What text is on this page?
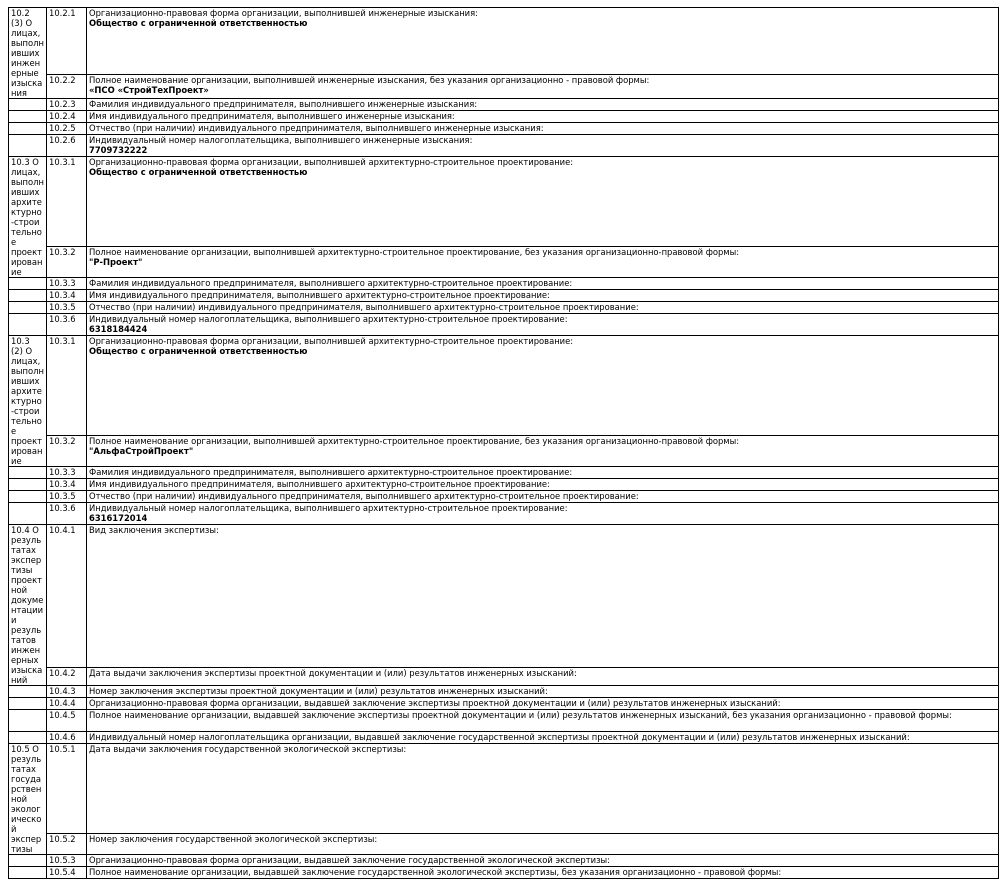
10.2 (3) О лицах, выполнивших инженерные изыскания	10.2.1	Организационно-правовая форма организации, выполнившей инженерные изыскания:
Общество с ограниченной ответственностью

	10.2.2	Полное наименование организации, выполнившей инженерные изыскания, без указания организационно - правовой формы:
«ПСО «СтройТехПроект»

	10.2.3	Фамилия индивидуального предпринимателя, выполнившего инженерные изыскания:
	10.2.4	Имя индивидуального предпринимателя, выполнившего инженерные изыскания:
	10.2.5	Отчество (при наличии) индивидуального предпринимателя, выполнившего инженерные изыскания:
	10.2.6	Индивидуальный номер налогоплательщика, выполнившего инженерные изыскания:
7709732222

10.3 О лицах, выполнивших архитектурно-строительное проектирование	10.3.1	Организационно-правовая форма организации, выполнившей архитектурно-строительное проектирование:
Общество с ограниченной ответственностью

	10.3.2	Полное наименование организации, выполнившей архитектурно-строительное проектирование, без указания организационно-правовой формы:
"Р-Проект"

	10.3.3	Фамилия индивидуального предпринимателя, выполнившего архитектурно-строительное проектирование:
	10.3.4	Имя индивидуального предпринимателя, выполнившего архитектурно-строительное проектирование:
	10.3.5	Отчество (при наличии) индивидуального предпринимателя, выполнившего архитектурно-строительное проектирование:
	10.3.6	Индивидуальный номер налогоплательщика, выполнившего архитектурно-строительное проектирование:
6318184424

10.3 (2) О лицах, выполнивших архитектурно-строительное проектирование	10.3.1	Организационно-правовая форма организации, выполнившей архитектурно-строительное проектирование:
Общество с ограниченной ответственностью

	10.3.2	Полное наименование организации, выполнившей архитектурно-строительное проектирование, без указания организационно-правовой формы:
"АльфаСтройПроект"

	10.3.3	Фамилия индивидуального предпринимателя, выполнившего архитектурно-строительное проектирование:
	10.3.4	Имя индивидуального предпринимателя, выполнившего архитектурно-строительное проектирование:
	10.3.5	Отчество (при наличии) индивидуального предпринимателя, выполнившего архитектурно-строительное проектирование:
	10.3.6	Индивидуальный номер налогоплательщика, выполнившего архитектурно-строительное проектирование:
6316172014

10.4 О результатах экспертизы проектной документации и результатов инженерных изысканий	10.4.1	Вид заключения экспертизы:
	10.4.2	Дата выдачи заключения экспертизы проектной документации и (или) результатов инженерных изысканий:
	10.4.3	Номер заключения экспертизы проектной документации и (или) результатов инженерных изысканий:
	10.4.4	Организационно-правовая форма организации, выдавшей заключение экспертизы проектной документации и (или) результатов инженерных изысканий:
	10.4.5	Полное наименование организации, выдавшей заключение экспертизы проектной документации и (или) результатов инженерных изысканий, без указания организационно - правовой формы:
	10.4.6	Индивидуальный номер налогоплательщика организации, выдавшей заключение государственной экспертизы проектной документации и (или) результатов инженерных изысканий:
10.5 О результатах государственной экологической экспертизы	10.5.1	Дата выдачи заключения государственной экологической экспертизы:
	10.5.2	Номер заключения государственной экологической экспертизы:
	10.5.3	Организационно-правовая форма организации, выдавшей заключение государственной экологической экспертизы:
	10.5.4	Полное наименование организации, выдавшей заключение государственной экологической экспертизы, без указания организационно - правовой формы:
